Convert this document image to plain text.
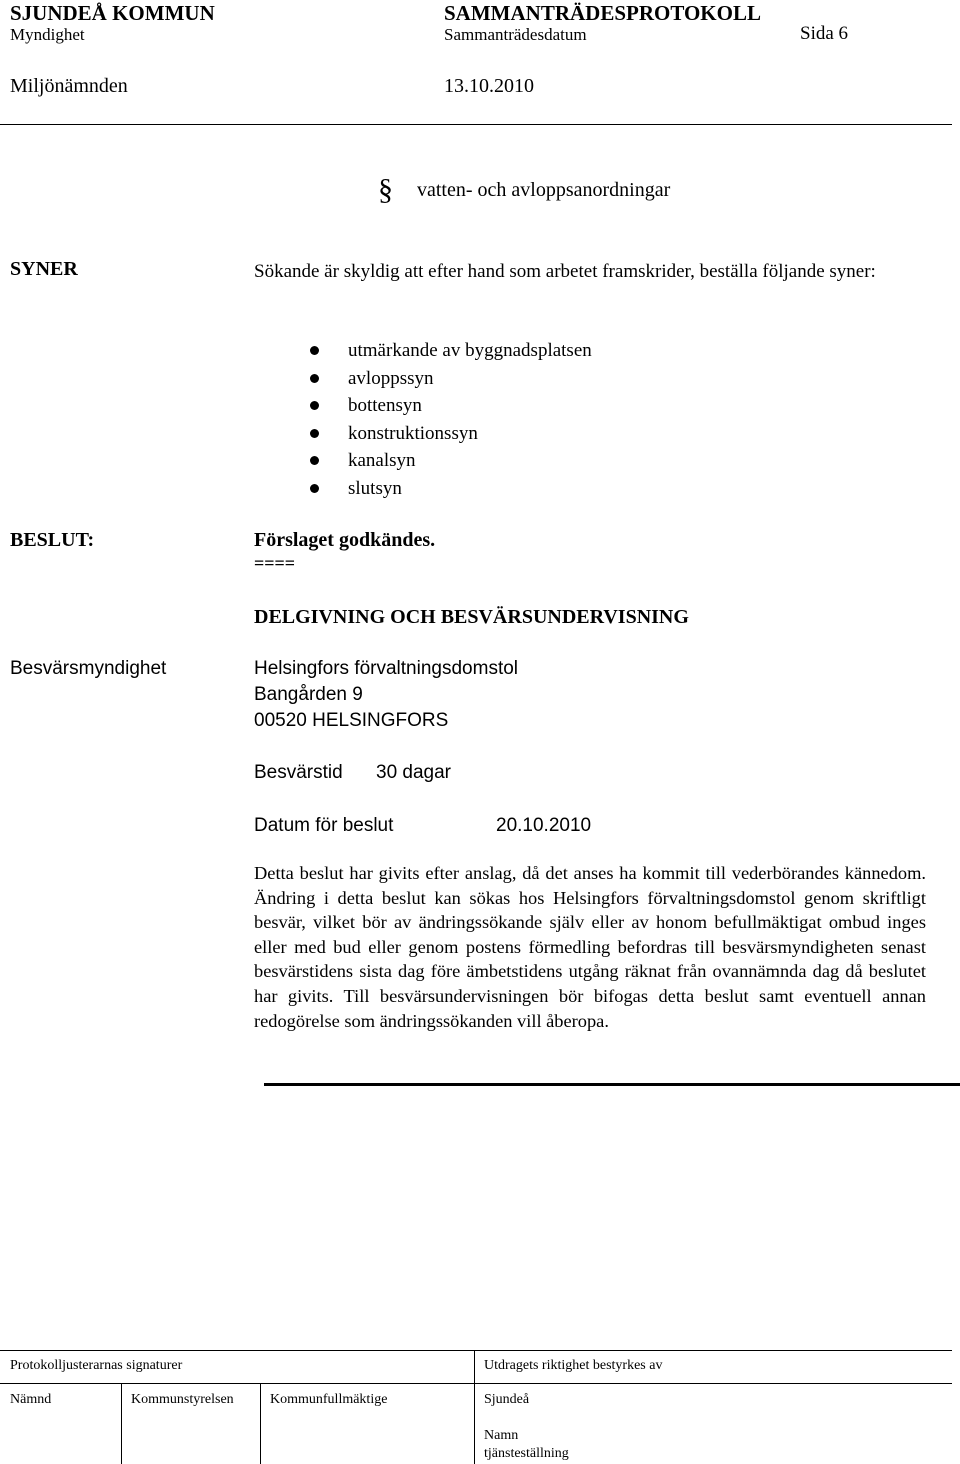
SJUNDEÅ KOMMUN	SAMMANTRÄDESPROTOKOLL
Myndighet	Sammanträdesdatum	Sida 6
Miljönämnden	13.10.2010
§ vatten- och avloppsanordningar
SYNER	Sökande är skyldig att efter hand som arbetet framskrider, beställa följande syner:
utmärkande av byggnadsplatsen
avloppssyn
bottensyn
konstruktionssyn
kanalsyn
slutsyn
BESLUT:	Förslaget godkändes.
====
DELGIVNING OCH BESVÄRSUNDERVISNING
Besvärsmyndighet	Helsingfors förvaltningsdomstol
Bangården 9
00520 HELSINGFORS
Besvärstid 30 dagar
Datum för beslut	20.10.2010
Detta beslut har givits efter anslag, då det anses ha kommit till vederbörandes kännedom. Ändring i detta beslut kan sökas hos Helsingfors förvaltningsdomstol genom skriftligt besvär, vilket bör av ändringssökande själv eller av honom befullmäktigat ombud inges eller med bud eller genom postens förmedling befordras till besvärsmyndigheten senast besvärstidens sista dag före ämbetstidens utgång räknat från ovannämnda dag då beslutet har givits. Till besvärsundervisningen bör bifogas detta beslut samt eventuell annan redogörelse som ändringssökanden vill åberopa.
Protokolljusterarnas signaturer	Utdragets riktighet bestyrkes av
Nämnd	Kommunstyrelsen	Kommunfullmäktige	Sjundeå
Namn
tjänsteställning
